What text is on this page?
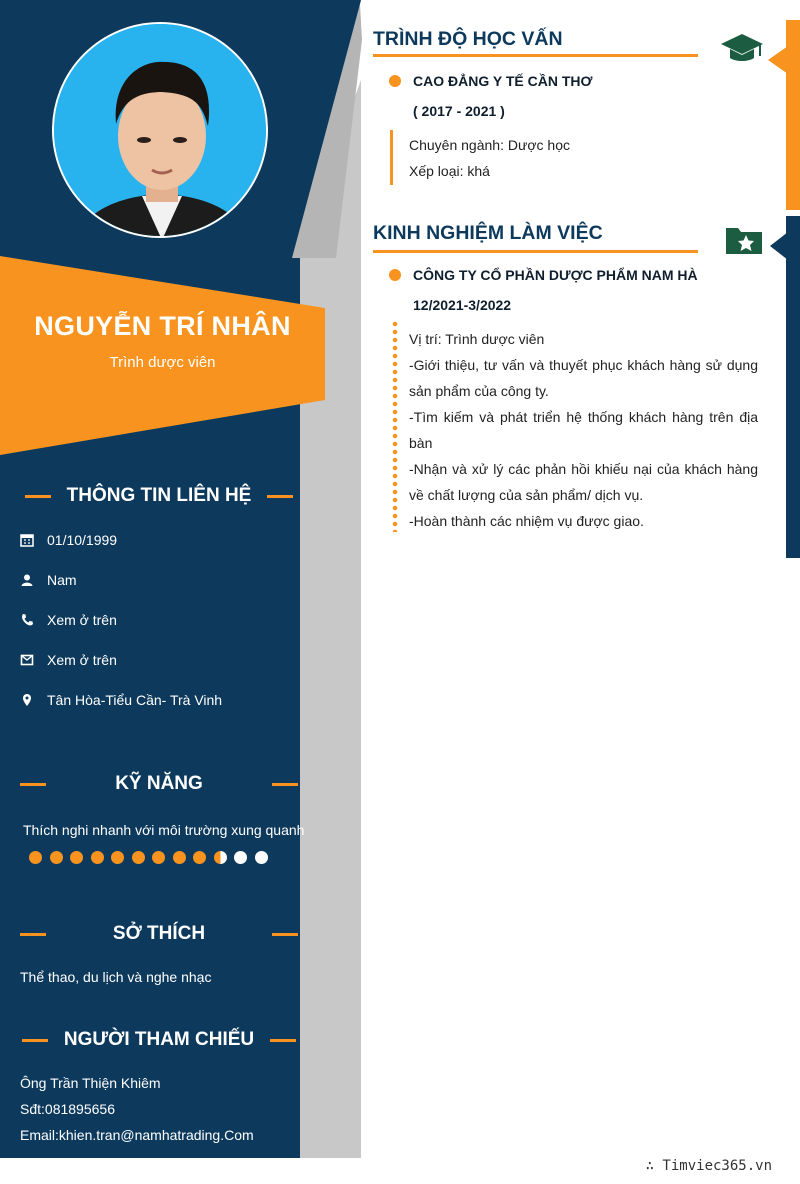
NGUYỄN TRÍ NHÂN
Trình dược viên
THÔNG TIN LIÊN HỆ
01/10/1999
Nam
Xem ở trên
Xem ở trên
Tân Hòa-Tiểu Cần- Trà Vinh
KỸ NĂNG
Thích nghi nhanh với môi trường xung quanh
SỞ THÍCH
Thể thao, du lịch và nghe nhạc
NGƯỜI THAM CHIẾU
Ông Trần Thiện Khiêm
Sđt:081895656
Email:khien.tran@namhatrading.Com
TRÌNH ĐỘ HỌC VẤN
CAO ĐẲNG Y TẾ CẦN THƠ
( 2017 - 2021 )
Chuyên ngành: Dược học
Xếp loại: khá
KINH NGHIỆM LÀM VIỆC
CÔNG TY CỔ PHẦN DƯỢC PHẨM NAM HÀ
12/2021-3/2022
Vị trí: Trình dược viên
-Giới thiệu, tư vấn và thuyết phục khách hàng sử dụng sản phẩm của công ty.
-Tìm kiếm và phát triển hệ thống khách hàng trên địa bàn
-Nhận và xử lý các phản hồi khiếu nại của khách hàng về chất lượng của sản phẩm/ dịch vụ.
-Hoàn thành các nhiệm vụ được giao.
∴ Timviec365.vn
